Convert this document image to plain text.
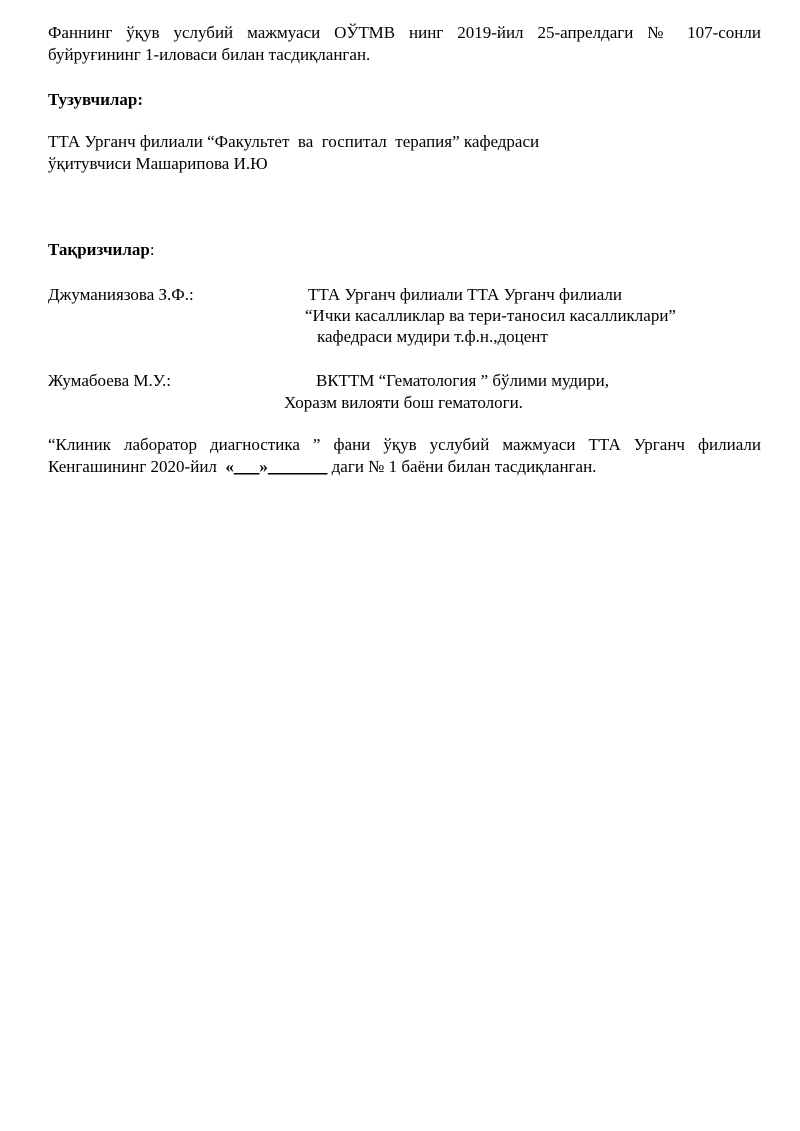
Фаннинг ўқув услубий мажмуаси ОЎТМВ нинг 2019-йил 25-апрелдаги № 107-сонли
буйруғининг 1-иловаси билан тасдиқланган.
Тузувчилар:
ТТА Урганч филиали “Факультет  ва  госпитал  терапия” кафедраси
ўқитувчиси Машарипова И.Ю
Тақризчилар:
Джуманиязова З.Ф.:	ТТА Урганч филиали ТТА Урганч филиали
“Ички касалликлар ва тери-таносил касалликлари”
кафедраси мудири т.ф.н.,доцент
Жумабоева М.У.:	ВКТТМ “Гематология ” бўлими мудири,
Хоразм вилояти бош гематологи.
“Клиник лаборатор диагностика ” фани ўқув услубий мажмуаси ТТА Урганч филиали
Кенгашининг 2020-йил  «___»_______ даги № 1 баёни билан тасдиқланган.
